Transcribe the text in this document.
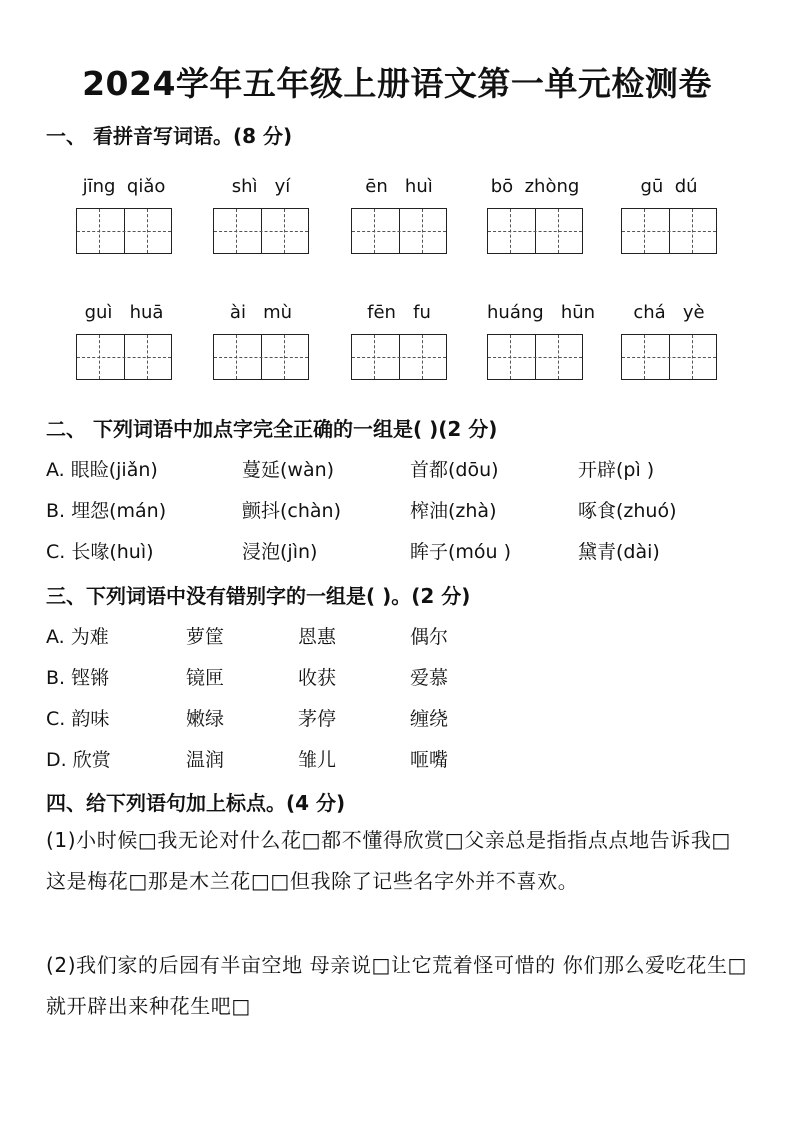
2024学年五年级上册语文第一单元检测卷
一、 看拼音写词语。(8 分)
jīng  qiǎo	shì   yí	ēn   huì	bō  zhòng	gū  dú
guì   huā	ài   mù	fēn   fu	huáng   hūn	chá   yè
二、 下列词语中加点字完全正确的一组是( )(2 分)
A. 眼睑(jiǎn)	蔓延(wàn)	首都(dōu)	开辟(pì )
B. 埋怨(mán)	颤抖(chàn)	榨油(zhà)	啄食(zhuó)
C. 长喙(huì)	浸泡(jìn)	眸子(móu )	黛青(dài)
三、下列词语中没有错别字的一组是( )。(2 分)
A. 为难	萝筐	恩惠	偶尔
B. 铿锵	镜匣	收获	爱慕
C. 韵味	嫩绿	茅停	缠绕
D. 欣赏	温润	雏儿	咂嘴
四、给下列语句加上标点。(4 分)
(1)小时候□我无论对什么花□都不懂得欣赏□父亲总是指指点点地告诉我□这是梅花□那是木兰花□□但我除了记些名字外并不喜欢。
(2)我们家的后园有半亩空地 母亲说□让它荒着怪可惜的 你们那么爱吃花生□就开辟出来种花生吧□
